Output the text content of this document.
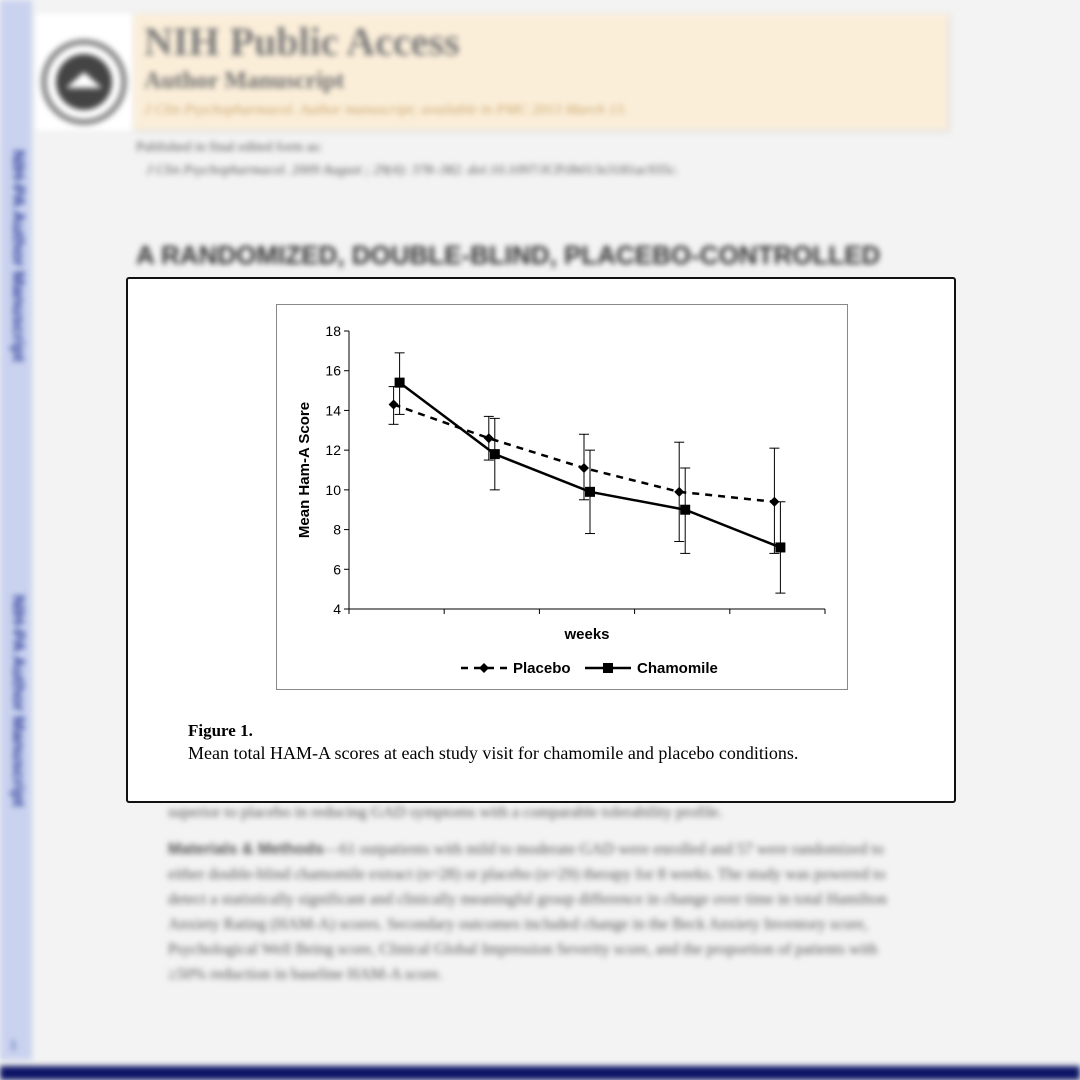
NIH-PA Author Manuscript
NIH-PA Author Manuscript
1
NIH Public Access
Author Manuscript
J Clin Psychopharmacol. Author manuscript; available in PMC 2013 March 13.
Published in final edited form as:
J Clin Psychopharmacol. 2009 August ; 29(4): 378–382. doi:10.1097/JCP.0b013e3181ac935c.
A RANDOMIZED, DOUBLE-BLIND, PLACEBO-CONTROLLED
superior to placebo in reducing GAD symptoms with a comparable tolerability profile.
Materials & Methods—61 outpatients with mild to moderate GAD were enrolled and 57 were randomized to either double-blind chamomile extract (n=28) or placebo (n=29) therapy for 8 weeks. The study was powered to detect a statistically significant and clinically meaningful group difference in change over time in total Hamilton Anxiety Rating (HAM-A) scores. Secondary outcomes included change in the Beck Anxiety Inventory score, Psychological Well Being score, Clinical Global Impression Severity score, and the proportion of patients with ≥50% reduction in baseline HAM-A score.
4
6
8
10
12
14
16
18
Mean Ham-A Score
weeks
Placebo	Chamomile
Figure 1.
Mean total HAM-A scores at each study visit for chamomile and placebo conditions.
